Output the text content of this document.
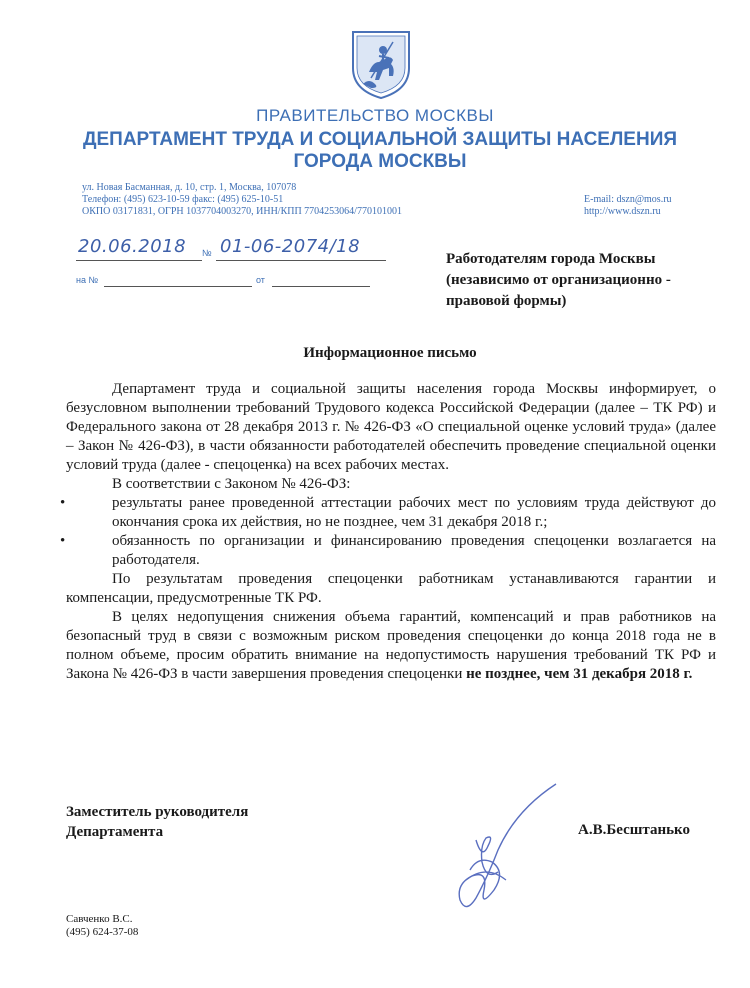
ПРАВИТЕЛЬСТВО МОСКВЫ
ДЕПАРТАМЕНТ ТРУДА И СОЦИАЛЬНОЙ ЗАЩИТЫ НАСЕЛЕНИЯ
ГОРОДА МОСКВЫ
ул. Новая Басманная, д. 10, стр. 1, Москва, 107078
Телефон: (495) 623-10-59 факс: (495) 625-10-51
ОКПО 03171831, ОГРН 1037704003270, ИНН/КПП 7704253064/770101001
E-mail: dszn@mos.ru
http://www.dszn.ru
20.06.2018 № 01-06-2074/18
на №	от
Работодателям города Москвы
(независимо от организационно -
правовой формы)
Информационное письмо

Департамент труда и социальной защиты населения города Москвы информирует, о безусловном выполнении требований Трудового кодекса Российской Федерации (далее – ТК РФ) и Федерального закона от 28 декабря 2013 г. № 426-ФЗ «О специальной оценке условий труда» (далее – Закон № 426-ФЗ), в части обязанности работодателей обеспечить проведение специальной оценки условий труда (далее - спецоценка) на всех рабочих местах.

В соответствии с Законом № 426-ФЗ:

•	результаты ранее проведенной аттестации рабочих мест по условиям труда действуют до окончания срока их действия, но не позднее, чем 31 декабря 2018 г.;

•	обязанность по организации и финансированию проведения спецоценки возлагается на работодателя.

По результатам проведения спецоценки работникам устанавливаются гарантии и компенсации, предусмотренные ТК РФ.

В целях недопущения снижения объема гарантий, компенсаций и прав работников на безопасный труд в связи с возможным риском проведения спецоценки до конца 2018 года не в полном объеме, просим обратить внимание на недопустимость нарушения требований ТК РФ и Закона № 426-ФЗ в части завершения проведения спецоценки не позднее, чем 31 декабря 2018 г.

Заместитель руководителя
Департамента	А.В.Бесштанько
Савченко В.С.
(495) 624-37-08
